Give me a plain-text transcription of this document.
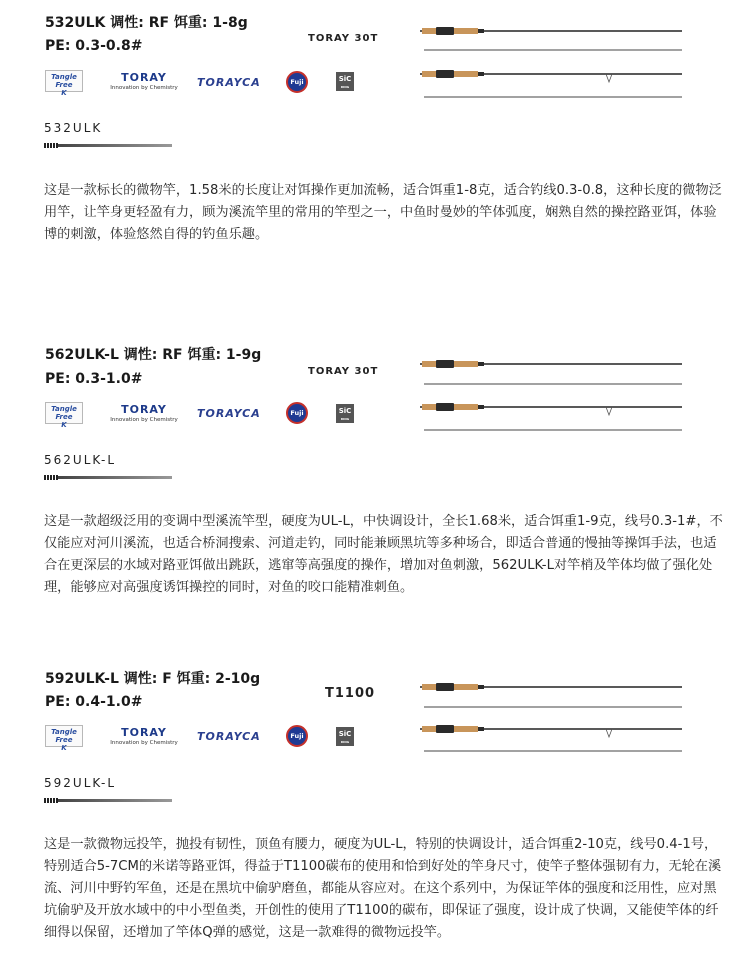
532ULK 调性: RF 饵重: 1-8g
PE: 0.3-0.8#	TORAY 30T
Tangle
Free
K
TORAY
Innovation by Chemistry TORAYCA	Fuji	SiC
RING
532ULK

这是一款标长的微物竿，1.58米的长度让对饵操作更加流畅，适合饵重1-8克，适合钓线0.3-0.8，这种长度的微物泛用竿，让竿身更轻盈有力，顾为溪流竿里的常用的竿型之一，中鱼时曼妙的竿体弧度，娴熟自然的操控路亚饵，体验博的刺激，体验悠然自得的钓鱼乐趣。

562ULK-L 调性: RF 饵重: 1-9g
PE: 0.3-1.0#	TORAY 30T
Tangle
Free
K
TORAY
Innovation by Chemistry TORAYCA	Fuji	SiC
RING
562ULK-L

这是一款超级泛用的变调中型溪流竿型，硬度为UL-L，中快调设计，全长1.68米，适合饵重1-9克，线号0.3-1#，不仅能应对河川溪流，也适合桥洞搜索、河道走钓，同时能兼顾黑坑等多种场合，即适合普通的慢抽等操饵手法，也适合在更深层的水域对路亚饵做出跳跃，逃窜等高强度的操作，增加对鱼刺激，562ULK-L对竿梢及竿体均做了强化处理，能够应对高强度诱饵操控的同时，对鱼的咬口能精准刺鱼。

592ULK-L 调性: F 饵重: 2-10g
PE: 0.4-1.0#
T1100
Tangle
Free
K
TORAY
Innovation by Chemistry TORAYCA	Fuji	SiC
RING
592ULK-L

这是一款微物远投竿，抛投有韧性，顶鱼有腰力，硬度为UL-L，特别的快调设计，适合饵重2-10克，线号0.4-1号，特别适合5-7CM的米诺等路亚饵，得益于T1100碳布的使用和恰到好处的竿身尺寸，使竿子整体强韧有力，无轮在溪流、河川中野钓军鱼，还是在黑坑中偷驴磨鱼，都能从容应对。在这个系列中，为保证竿体的强度和泛用性，应对黑坑偷驴及开放水域中的中小型鱼类，开创性的使用了T1100的碳布，即保证了强度，设计成了快调，又能使竿体的纤细得以保留，还增加了竿体Q弹的感觉，这是一款难得的微物远投竿。
